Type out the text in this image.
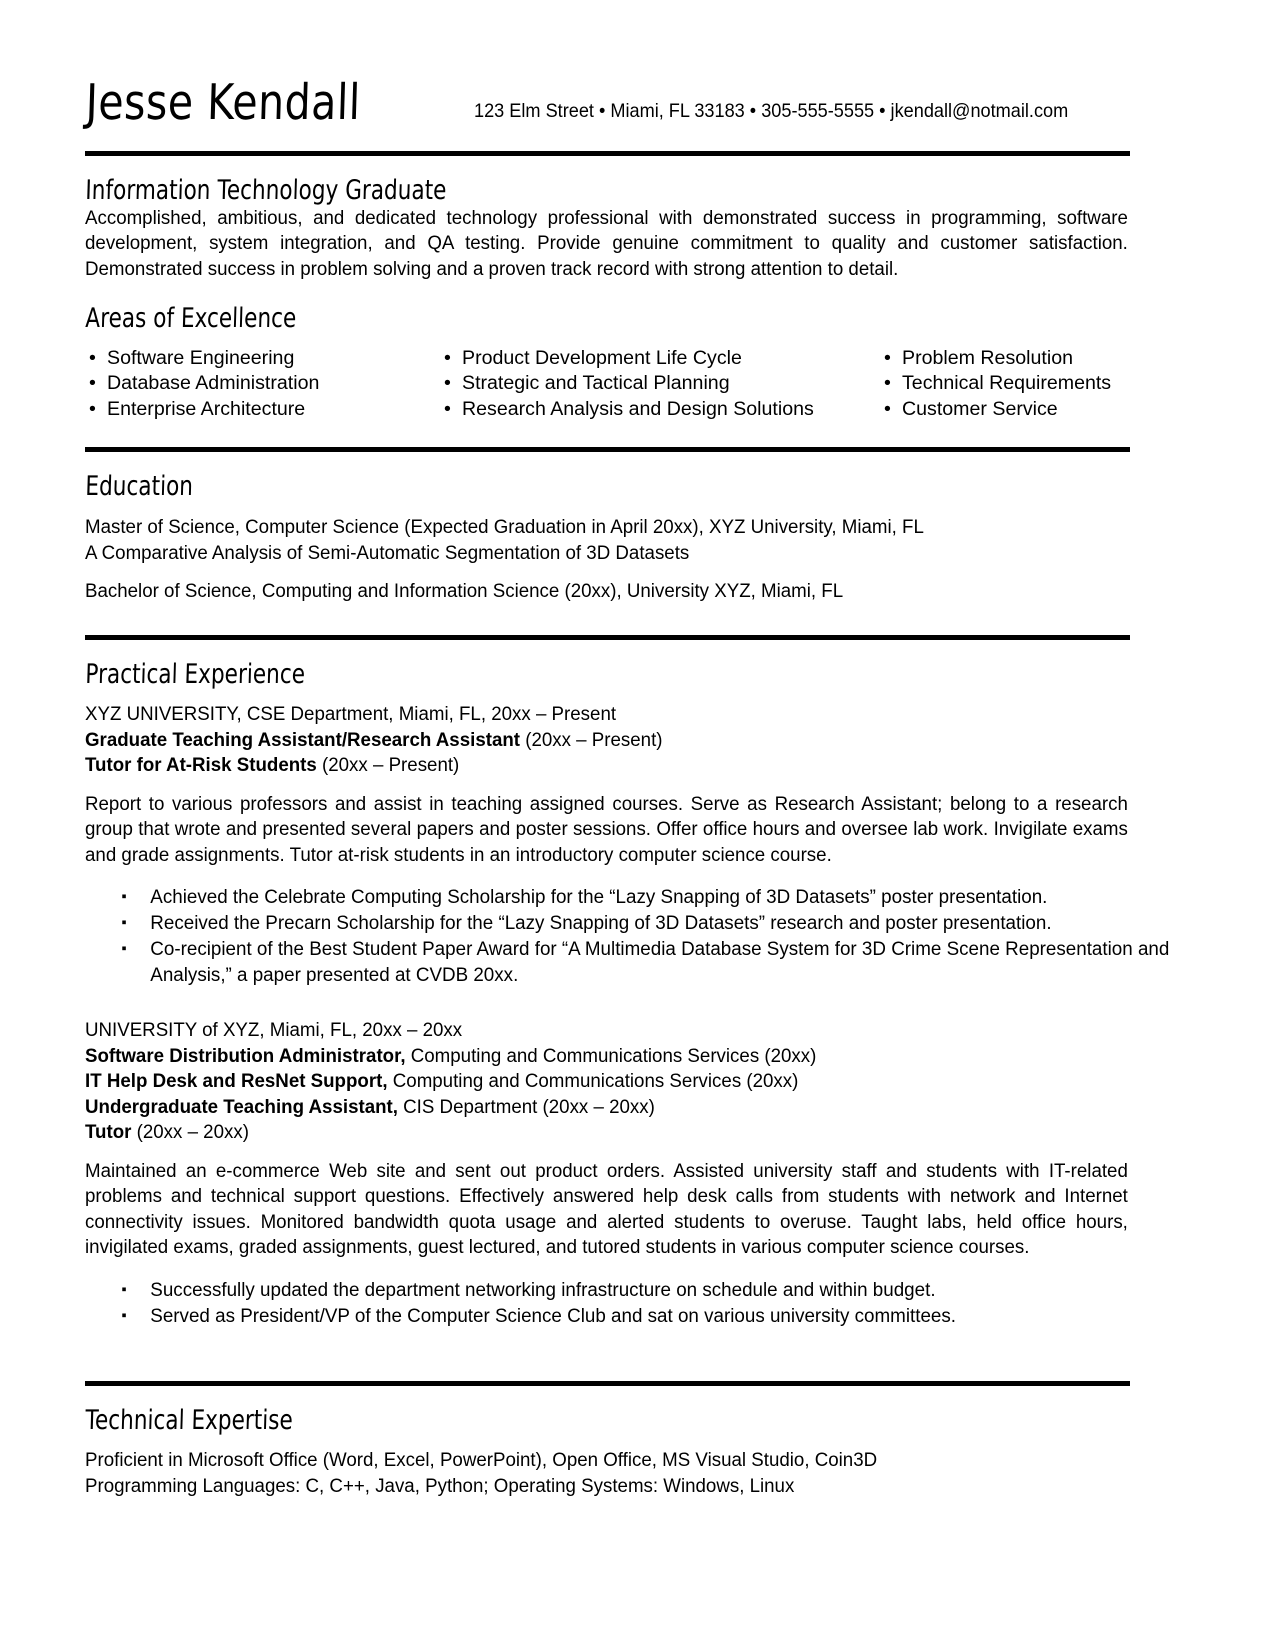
Jesse Kendall	123 Elm Street • Miami, FL 33183 • 305-555-5555 • jkendall@notmail.com
Information Technology Graduate
Accomplished, ambitious, and dedicated technology professional with demonstrated success in programming, software development, system integration, and QA testing. Provide genuine commitment to quality and customer satisfaction. Demonstrated success in problem solving and a proven track record with strong attention to detail.
Areas of Excellence
• Software Engineering
• Database Administration
• Enterprise Architecture
• Product Development Life Cycle
• Strategic and Tactical Planning
• Research Analysis and Design Solutions
• Problem Resolution
• Technical Requirements
• Customer Service
Education
Master of Science, Computer Science (Expected Graduation in April 20xx), XYZ University, Miami, FL
A Comparative Analysis of Semi-Automatic Segmentation of 3D Datasets
Bachelor of Science, Computing and Information Science (20xx), University XYZ, Miami, FL
Practical Experience
XYZ UNIVERSITY, CSE Department, Miami, FL, 20xx – Present
Graduate Teaching Assistant/Research Assistant (20xx – Present)
Tutor for At-Risk Students (20xx – Present)
Report to various professors and assist in teaching assigned courses. Serve as Research Assistant; belong to a research group that wrote and presented several papers and poster sessions. Offer office hours and oversee lab work. Invigilate exams and grade assignments. Tutor at-risk students in an introductory computer science course.
▪ Achieved the Celebrate Computing Scholarship for the “Lazy Snapping of 3D Datasets” poster presentation.
▪ Received the Precarn Scholarship for the “Lazy Snapping of 3D Datasets” research and poster presentation.
▪ Co-recipient of the Best Student Paper Award for “A Multimedia Database System for 3D Crime Scene Representation and Analysis,” a paper presented at CVDB 20xx.
UNIVERSITY of XYZ, Miami, FL, 20xx – 20xx
Software Distribution Administrator, Computing and Communications Services (20xx)
IT Help Desk and ResNet Support, Computing and Communications Services (20xx)
Undergraduate Teaching Assistant, CIS Department (20xx – 20xx)
Tutor (20xx – 20xx)
Maintained an e-commerce Web site and sent out product orders. Assisted university staff and students with IT-related problems and technical support questions. Effectively answered help desk calls from students with network and Internet connectivity issues. Monitored bandwidth quota usage and alerted students to overuse. Taught labs, held office hours, invigilated exams, graded assignments, guest lectured, and tutored students in various computer science courses.
▪ Successfully updated the department networking infrastructure on schedule and within budget.
▪ Served as President/VP of the Computer Science Club and sat on various university committees.
Technical Expertise
Proficient in Microsoft Office (Word, Excel, PowerPoint), Open Office, MS Visual Studio, Coin3D
Programming Languages: C, C++, Java, Python; Operating Systems: Windows, Linux
